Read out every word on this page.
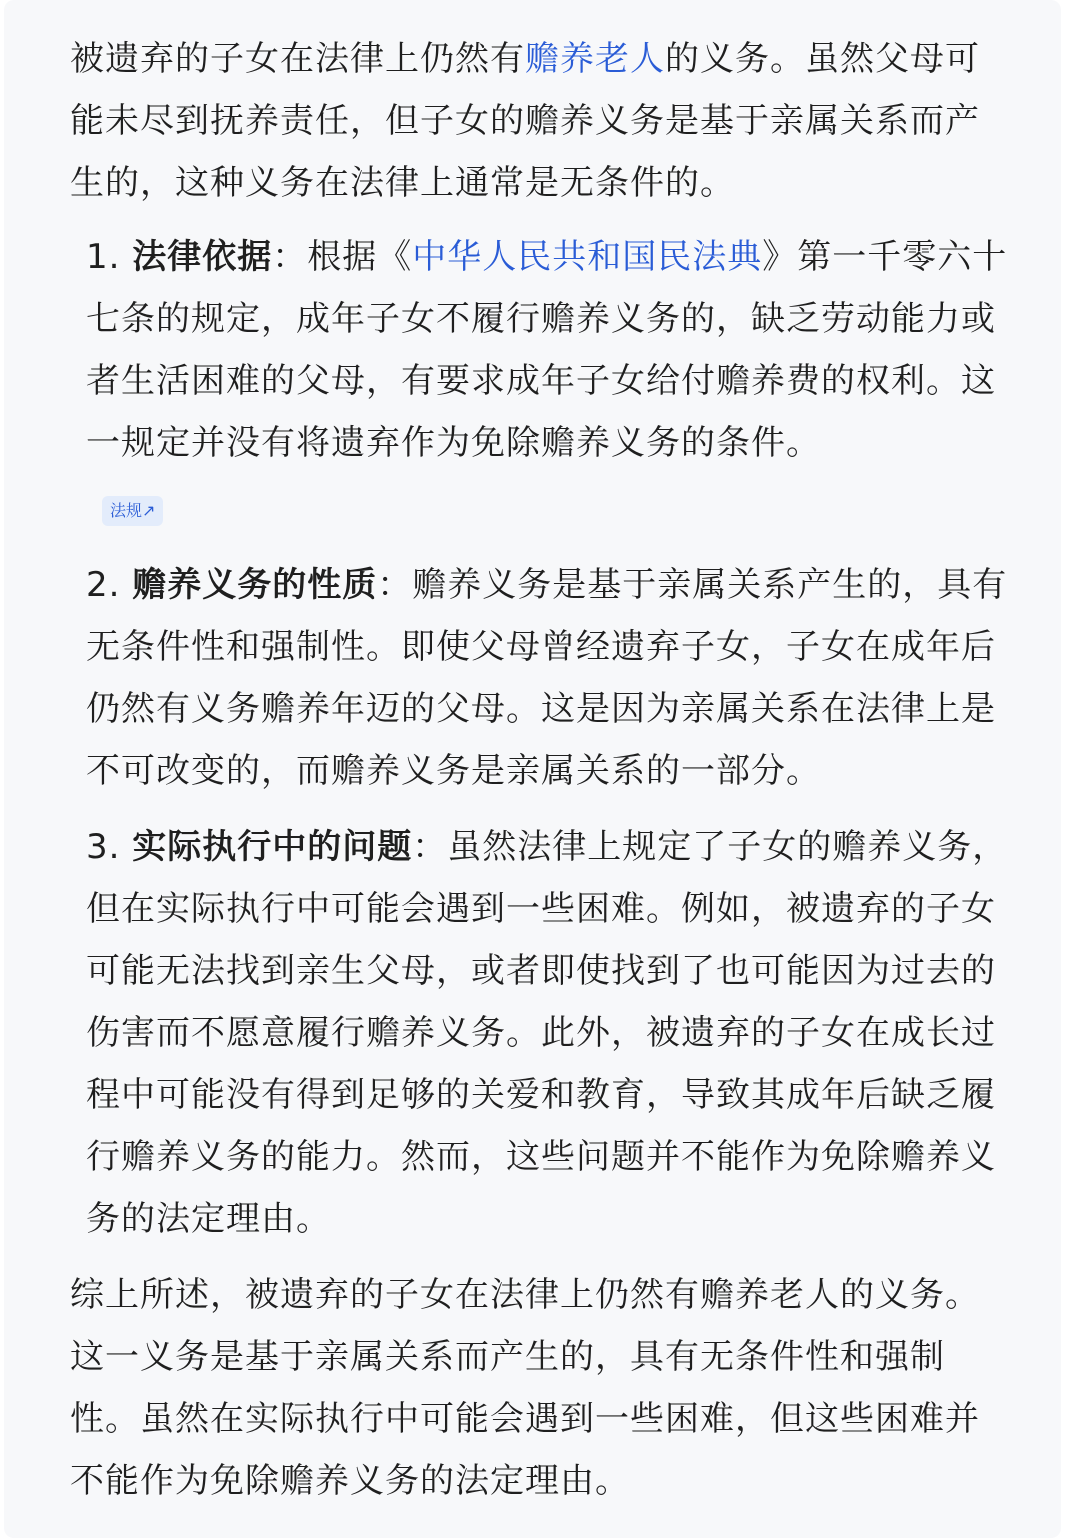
被遗弃的子女在法律上仍然有赡养老人的义务。虽然父母可能未尽到抚养责任，但子女的赡养义务是基于亲属关系而产生的，这种义务在法律上通常是无条件的。

1. 法律依据：根据《中华人民共和国民法典》第一千零六十七条的规定，成年子女不履行赡养义务的，缺乏劳动能力或者生活困难的父母，有要求成年子女给付赡养费的权利。这一规定并没有将遗弃作为免除赡养义务的条件。
法规↗
2. 赡养义务的性质：赡养义务是基于亲属关系产生的，具有无条件性和强制性。即使父母曾经遗弃子女，子女在成年后仍然有义务赡养年迈的父母。这是因为亲属关系在法律上是不可改变的，而赡养义务是亲属关系的一部分。
3. 实际执行中的问题：虽然法律上规定了子女的赡养义务，但在实际执行中可能会遇到一些困难。例如，被遗弃的子女可能无法找到亲生父母，或者即使找到了也可能因为过去的伤害而不愿意履行赡养义务。此外，被遗弃的子女在成长过程中可能没有得到足够的关爱和教育，导致其成年后缺乏履行赡养义务的能力。然而，这些问题并不能作为免除赡养义务的法定理由。

综上所述，被遗弃的子女在法律上仍然有赡养老人的义务。这一义务是基于亲属关系而产生的，具有无条件性和强制性。虽然在实际执行中可能会遇到一些困难，但这些困难并不能作为免除赡养义务的法定理由。
